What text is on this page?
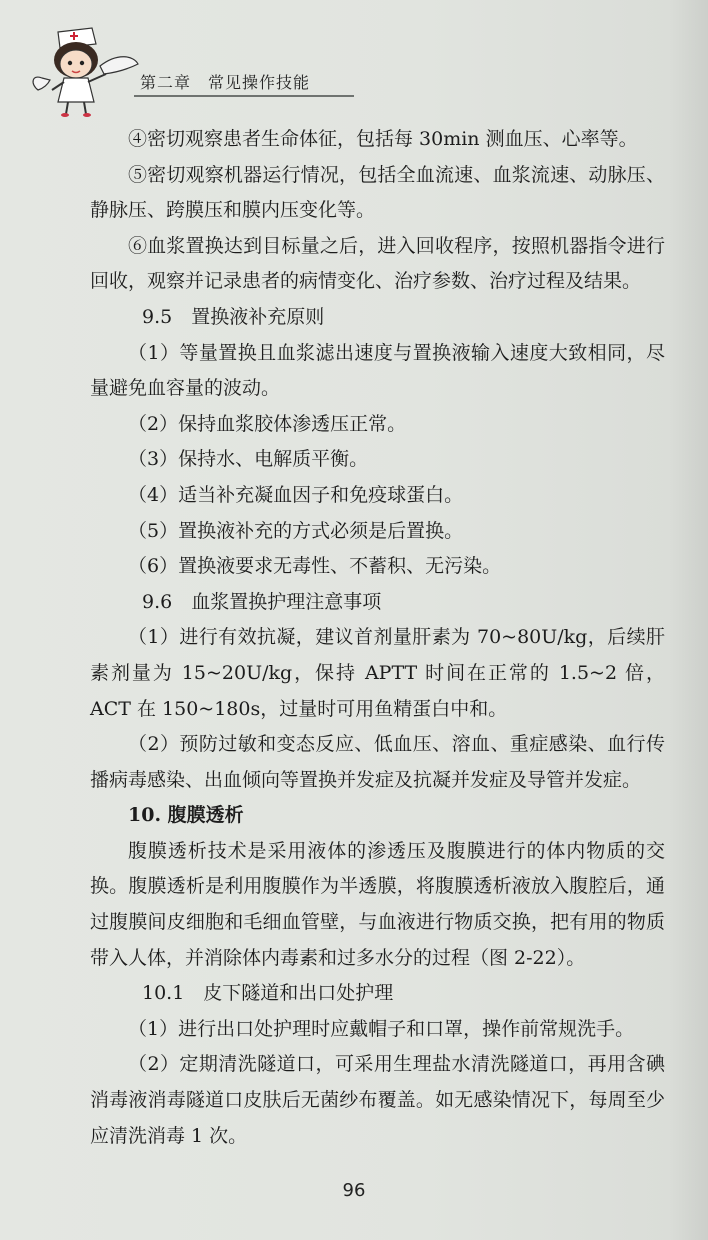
第二章　常见操作技能

④密切观察患者生命体征，包括每 30min 测血压、心率等。

⑤密切观察机器运行情况，包括全血流速、血浆流速、动脉压、静脉压、跨膜压和膜内压变化等。

⑥血浆置换达到目标量之后，进入回收程序，按照机器指令进行回收，观察并记录患者的病情变化、治疗参数、治疗过程及结果。

9.5　置换液补充原则

（1）等量置换且血浆滤出速度与置换液输入速度大致相同，尽量避免血容量的波动。

（2）保持血浆胶体渗透压正常。

（3）保持水、电解质平衡。

（4）适当补充凝血因子和免疫球蛋白。

（5）置换液补充的方式必须是后置换。

（6）置换液要求无毒性、不蓄积、无污染。

9.6　血浆置换护理注意事项

（1）进行有效抗凝，建议首剂量肝素为 70~80U/kg，后续肝素剂量为 15~20U/kg，保持 APTT 时间在正常的 1.5~2 倍，ACT 在 150~180s，过量时可用鱼精蛋白中和。

（2）预防过敏和变态反应、低血压、溶血、重症感染、血行传播病毒感染、出血倾向等置换并发症及抗凝并发症及导管并发症。

10. 腹膜透析

腹膜透析技术是采用液体的渗透压及腹膜进行的体内物质的交换。腹膜透析是利用腹膜作为半透膜，将腹膜透析液放入腹腔后，通过腹膜间皮细胞和毛细血管壁，与血液进行物质交换，把有用的物质带入人体，并消除体内毒素和过多水分的过程（图 2-22）。

10.1　皮下隧道和出口处护理

（1）进行出口处护理时应戴帽子和口罩，操作前常规洗手。

（2）定期清洗隧道口，可采用生理盐水清洗隧道口，再用含碘消毒液消毒隧道口皮肤后无菌纱布覆盖。如无感染情况下，每周至少应清洗消毒 1 次。

96
